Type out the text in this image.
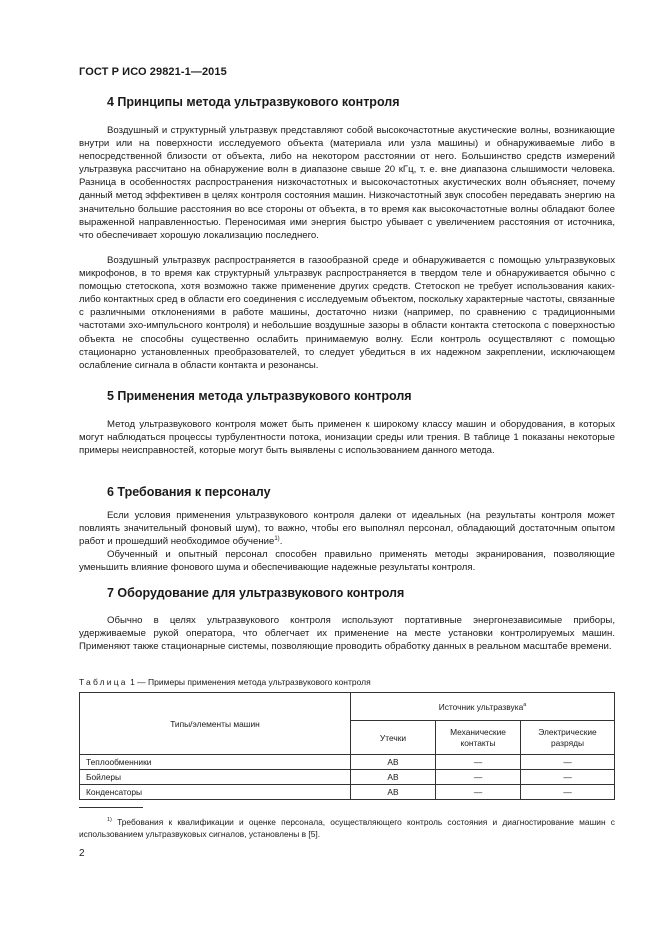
ГОСТ Р ИСО 29821-1—2015
4 Принципы метода ультразвукового контроля

Воздушный и структурный ультразвук представляют собой высокочастотные акустические волны, возникающие внутри или на поверхности исследуемого объекта (материала или узла машины) и обнаруживаемые либо в непосредственной близости от объекта, либо на некотором расстоянии от него. Большинство средств измерений ультразвука рассчитано на обнаружение волн в диапазоне свыше 20 кГц, т. е. вне диапазона слышимости человека. Разница в особенностях распространения низкочастотных и высокочастотных акустических волн объясняет, почему данный метод эффективен в целях контроля состояния машин. Низкочастотный звук способен передавать энергию на значительно большие расстояния во все стороны от объекта, в то время как высокочастотные волны обладают более выраженной направленностью. Переносимая ими энергия быстро убывает с увеличением расстояния от источника, что обеспечивает хорошую локализацию последнего.

Воздушный ультразвук распространяется в газообразной среде и обнаруживается с помощью ультразвуковых микрофонов, в то время как структурный ультразвук распространяется в твердом теле и обнаруживается обычно с помощью стетоскопа, хотя возможно также применение других средств. Стетоскоп не требует использования каких-либо контактных сред в области его соединения с исследуемым объектом, поскольку характерные частоты, связанные с различными отклонениями в работе машины, достаточно низки (например, по сравнению с традиционными частотами эхо-импульсного контроля) и небольшие воздушные зазоры в области контакта стетоскопа с поверхностью объекта не способны существенно ослабить принимаемую волну. Если контроль осуществляют с помощью стационарно установленных преобразователей, то следует убедиться в их надежном закреплении, исключающем ослабление сигнала в области контакта и резонансы.

5 Применения метода ультразвукового контроля

Метод ультразвукового контроля может быть применен к широкому классу машин и оборудования, в которых могут наблюдаться процессы турбулентности потока, ионизации среды или трения. В таблице 1 показаны некоторые примеры неисправностей, которые могут быть выявлены с использованием данного метода.

6 Требования к персоналу

Если условия применения ультразвукового контроля далеки от идеальных (на результаты контроля может повлиять значительный фоновый шум), то важно, чтобы его выполнял персонал, обладающий достаточным опытом работ и прошедший необходимое обучение$^{1)}$.

Обученный и опытный персонал способен правильно применять методы экранирования, позволяющие уменьшить влияние фонового шума и обеспечивающие надежные результаты контроля.

7 Оборудование для ультразвукового контроля

Обычно в целях ультразвукового контроля используют портативные энергонезависимые приборы, удерживаемые рукой оператора, что облегчает их применение на месте установки контролируемых машин. Применяют также стационарные системы, позволяющие проводить обработку данных в реальном масштабе времени.

Таблица 1 — Примеры применения метода ультразвукового контроля
Типы/элементы машин	Источник ультразвука$^а$
	Утечки	Механические контакты	Электрические разряды
Теплообменники	АВ	—	—
Бойлеры	АВ	—	—
Конденсаторы	АВ	—	—

$^{1)}$ Требования к квалификации и оценке персонала, осуществляющего контроль состояния и диагностирование машин с использованием ультразвуковых сигналов, установлены в [5].

2
